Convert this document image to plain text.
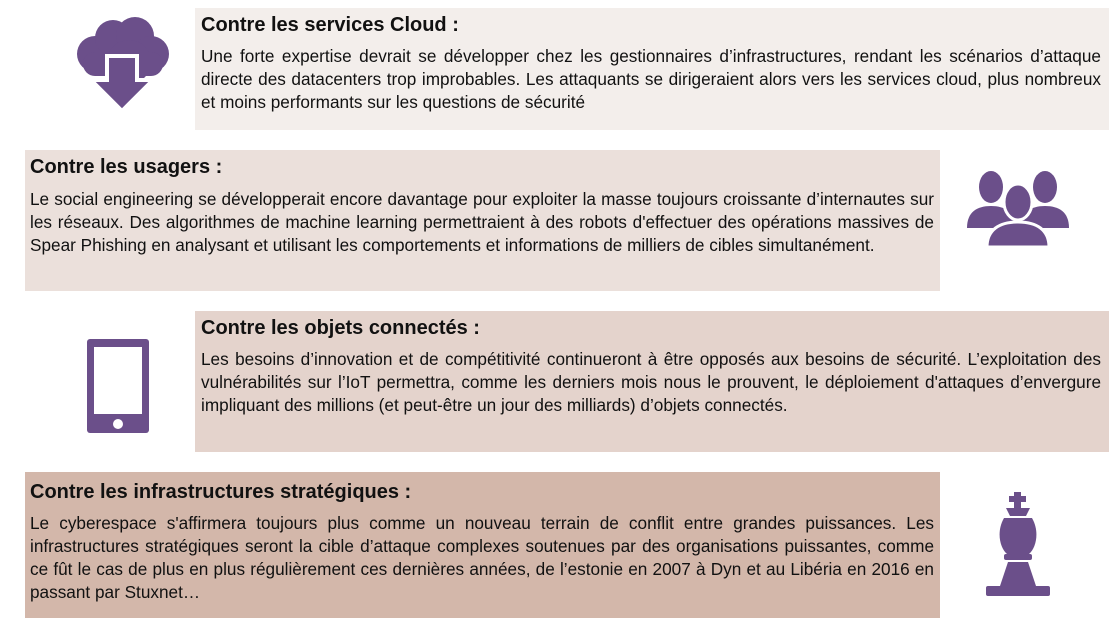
Contre les services Cloud :

Une forte expertise devrait se développer chez les gestionnaires d’infrastructures, rendant les scénarios d’attaque directe des datacenters trop improbables. Les attaquants se dirigeraient alors vers les services cloud, plus nombreux et moins performants sur les questions de sécurité

Contre les usagers :

Le social engineering se développerait encore davantage pour exploiter la masse toujours croissante d’internautes sur les réseaux. Des algorithmes de machine learning permettraient à des robots d'effectuer des opérations massives de Spear Phishing en analysant et utilisant les comportements et informations de milliers de cibles simultanément.

Contre les objets connectés :

Les besoins d’innovation et de compétitivité continueront à être opposés aux besoins de sécurité. L’exploitation des vulnérabilités sur l’IoT permettra, comme les derniers mois nous le prouvent, le déploiement d'attaques d’envergure impliquant des millions (et peut-être un jour des milliards) d’objets connectés.

Contre les infrastructures stratégiques :

Le cyberespace s'affirmera toujours plus comme un nouveau terrain de conflit entre grandes puissances. Les infrastructures stratégiques seront la cible d’attaque complexes soutenues par des organisations puissantes, comme ce fût le cas de plus en plus régulièrement ces dernières années, de l’estonie en 2007 à Dyn et au Libéria en 2016 en passant par Stuxnet…
